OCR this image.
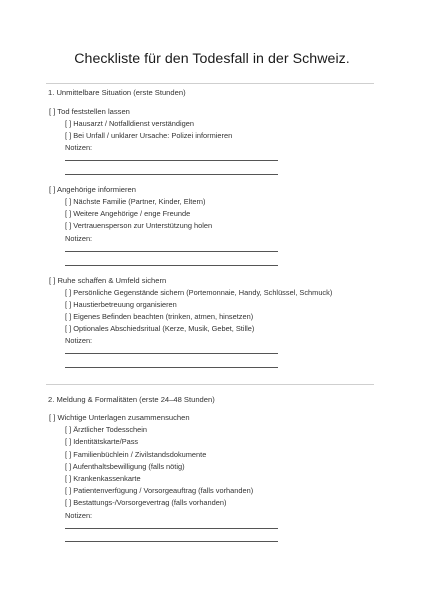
Checkliste für den Todesfall in der Schweiz.
1. Unmittelbare Situation (erste Stunden)
[ ] Tod feststellen lassen
[ ] Hausarzt / Notfalldienst verständigen
[ ] Bei Unfall / unklarer Ursache: Polizei informieren
Notizen:
[ ] Angehörige informieren
[ ] Nächste Familie (Partner, Kinder, Eltern)
[ ] Weitere Angehörige / enge Freunde
[ ] Vertrauensperson zur Unterstützung holen
Notizen:
[ ] Ruhe schaffen & Umfeld sichern
[ ] Persönliche Gegenstände sichern (Portemonnaie, Handy, Schlüssel, Schmuck)
[ ] Haustierbetreuung organisieren
[ ] Eigenes Befinden beachten (trinken, atmen, hinsetzen)
[ ] Optionales Abschiedsritual (Kerze, Musik, Gebet, Stille)
Notizen:
2. Meldung & Formalitäten (erste 24–48 Stunden)
[ ] Wichtige Unterlagen zusammensuchen
[ ] Ärztlicher Todesschein
[ ] Identitätskarte/Pass
[ ] Familienbüchlein / Zivilstandsdokumente
[ ] Aufenthaltsbewilligung (falls nötig)
[ ] Krankenkassenkarte
[ ] Patientenverfügung / Vorsorgeauftrag (falls vorhanden)
[ ] Bestattungs-/Vorsorgevertrag (falls vorhanden)
Notizen:
